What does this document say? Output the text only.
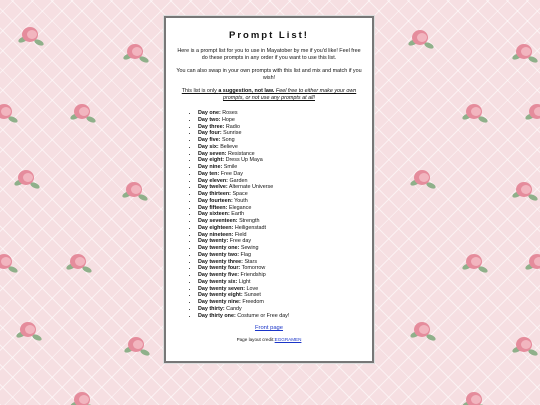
Prompt List!

Here is a prompt list for you to use in Mayatober by me if you'd like! Feel free do these prompts in any order if you want to use this list.

You can also swap in your own prompts with this list and mix and match if you wish!

This list is only a suggestion, not law. Feel free to either make your own prompts, or not use any prompts at all!

• Day one: Roses
• Day two: Hope
• Day three: Radio
• Day four: Sunrise
• Day five: Song
• Day six: Believe
• Day seven: Resistance
• Day eight: Dress Up Maya
• Day nine: Smile
• Day ten: Free Day
• Day eleven: Garden
• Day twelve: Alternate Universe
• Day thirteen: Space
• Day fourteen: Youth
• Day fifteen: Elegance
• Day sixteen: Earth
• Day seventeen: Strength
• Day eighteen: Heiligenstadt
• Day nineteen: Field
• Day twenty: Free day
• Day twenty one: Sewing
• Day twenty two: Flag
• Day twenty three: Stars
• Day twenty four: Tomorrow
• Day twenty five: Friendship
• Day twenty six: Light
• Day twenty seven: Love
• Day twenty eight: Sunset
• Day twenty nine: Freedom
• Day thirty: Candy
• Day thirty one: Costume or Free day!

Front page

Page layout credit:EGGRAMEN
